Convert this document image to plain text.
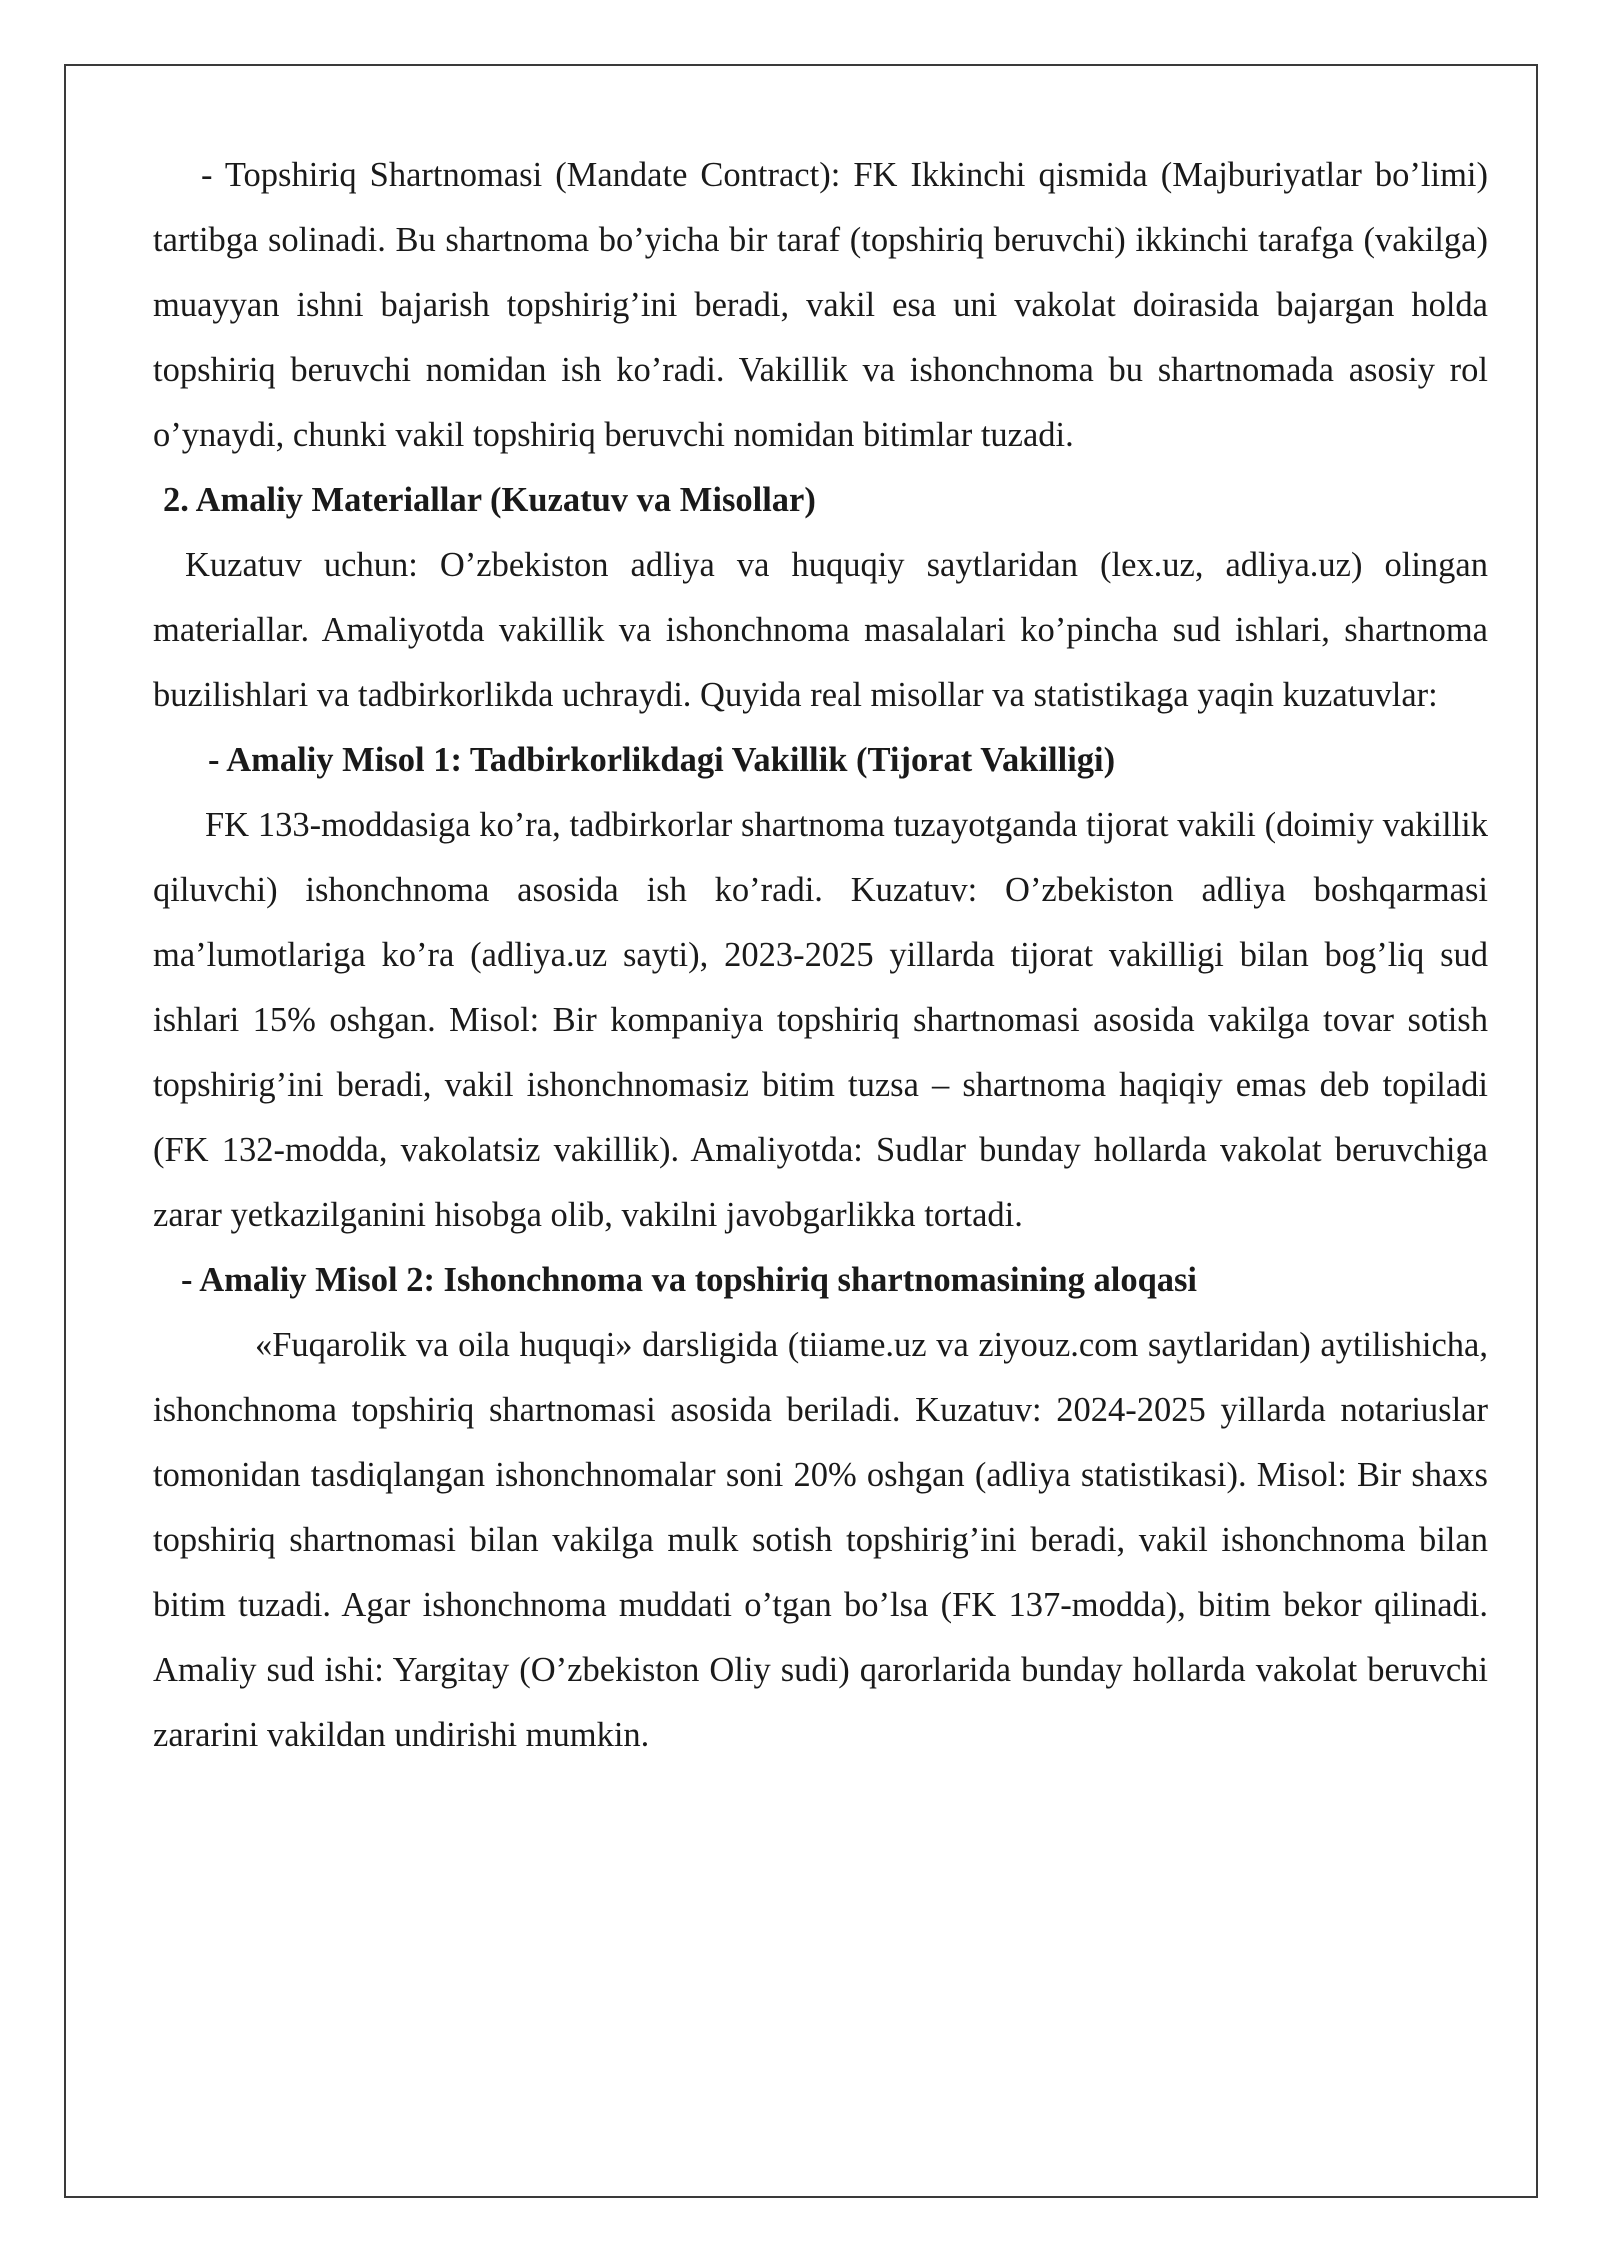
- Topshiriq Shartnomasi (Mandate Contract): FK Ikkinchi qismida (Majburiyatlar bo’limi) tartibga solinadi. Bu shartnoma bo’yicha bir taraf (topshiriq beruvchi) ikkinchi tarafga (vakilga) muayyan ishni bajarish topshirig’ini beradi, vakil esa uni vakolat doirasida bajargan holda topshiriq beruvchi nomidan ish ko’radi. Vakillik va ishonchnoma bu shartnomada asosiy rol o’ynaydi, chunki vakil topshiriq beruvchi nomidan bitimlar tuzadi.

2. Amaliy Materiallar (Kuzatuv va Misollar)

Kuzatuv uchun: O’zbekiston adliya va huquqiy saytlaridan (lex.uz, adliya.uz) olingan materiallar. Amaliyotda vakillik va ishonchnoma masalalari ko’pincha sud ishlari, shartnoma buzilishlari va tadbirkorlikda uchraydi. Quyida real misollar va statistikaga yaqin kuzatuvlar:

- Amaliy Misol 1: Tadbirkorlikdagi Vakillik (Tijorat Vakilligi)

FK 133-moddasiga ko’ra, tadbirkorlar shartnoma tuzayotganda tijorat vakili (doimiy vakillik qiluvchi) ishonchnoma asosida ish ko’radi. Kuzatuv: O’zbekiston adliya boshqarmasi ma’lumotlariga ko’ra (adliya.uz sayti), 2023-2025 yillarda tijorat vakilligi bilan bog’liq sud ishlari 15% oshgan. Misol: Bir kompaniya topshiriq shartnomasi asosida vakilga tovar sotish topshirig’ini beradi, vakil ishonchnomasiz bitim tuzsa – shartnoma haqiqiy emas deb topiladi (FK 132-modda, vakolatsiz vakillik). Amaliyotda: Sudlar bunday hollarda vakolat beruvchiga zarar yetkazilganini hisobga olib, vakilni javobgarlikka tortadi.

- Amaliy Misol 2: Ishonchnoma va topshiriq shartnomasining aloqasi

«Fuqarolik va oila huquqi» darsligida (tiiame.uz va ziyouz.com saytlaridan) aytilishicha, ishonchnoma topshiriq shartnomasi asosida beriladi. Kuzatuv: 2024-2025 yillarda notariuslar tomonidan tasdiqlangan ishonchnomalar soni 20% oshgan (adliya statistikasi). Misol: Bir shaxs topshiriq shartnomasi bilan vakilga mulk sotish topshirig’ini beradi, vakil ishonchnoma bilan bitim tuzadi. Agar ishonchnoma muddati o’tgan bo’lsa (FK 137-modda), bitim bekor qilinadi. Amaliy sud ishi: Yargitay (O’zbekiston Oliy sudi) qarorlarida bunday hollarda vakolat beruvchi zararini vakildan undirishi mumkin.
